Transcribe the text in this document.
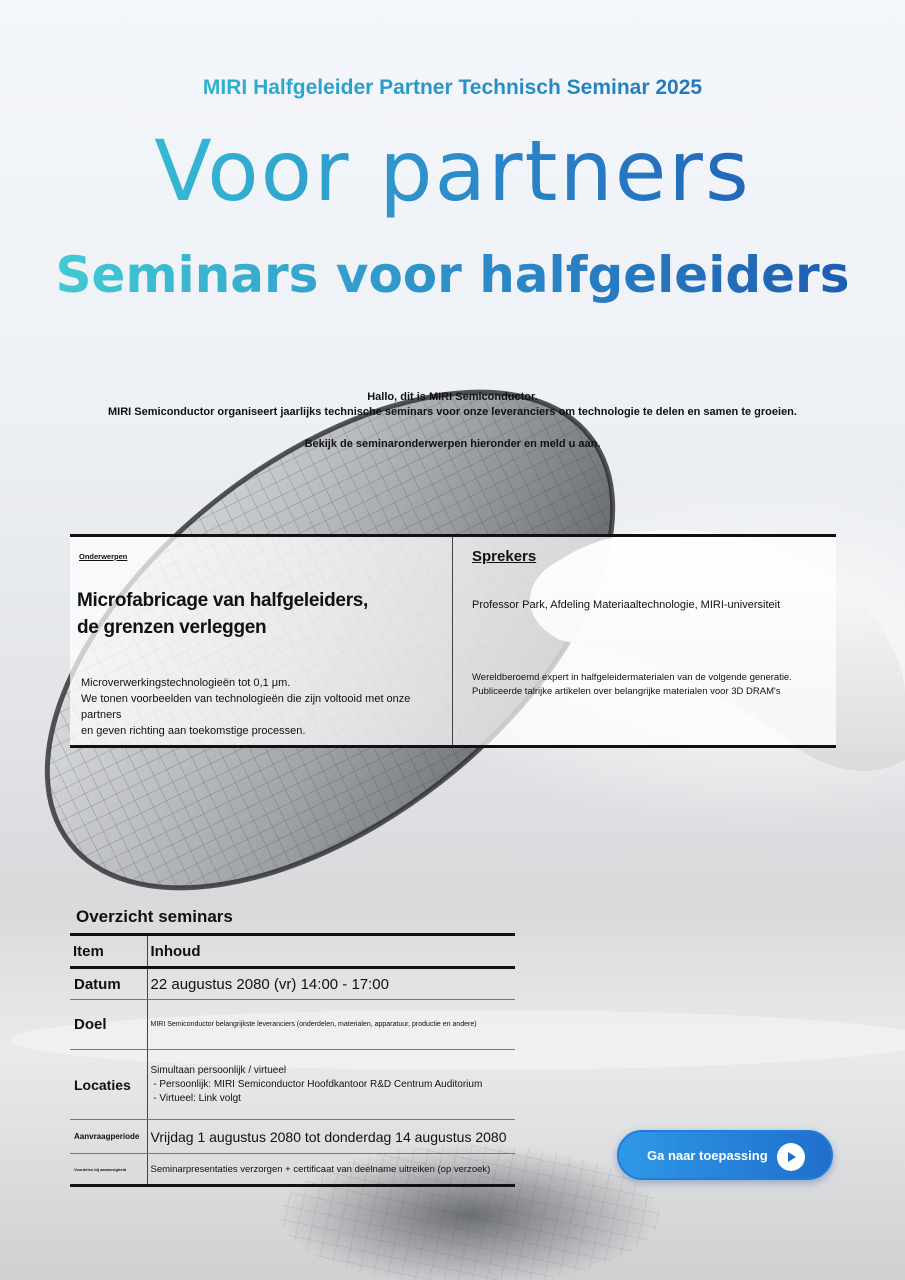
MIRI Halfgeleider Partner Technisch Seminar 2025
Voor partners
Seminars voor halfgeleiders

Hallo, dit is MIRI Semiconductor.

MIRI Semiconductor organiseert jaarlijks technische seminars voor onze leveranciers om technologie te delen en samen te groeien.

Bekijk de seminaronderwerpen hieronder en meld u aan.

Onderwerpen
Microfabricage van halfgeleiders,
de grenzen verleggen
Microverwerkingstechnologieën tot 0,1 μm.
We tonen voorbeelden van technologieën die zijn voltooid met onze partners
en geven richting aan toekomstige processen.
Sprekers
Professor Park, Afdeling Materiaaltechnologie, MIRI-universiteit
Wereldberoemd expert in halfgeleidermaterialen van de volgende generatie.
Publiceerde talrijke artikelen over belangrijke materialen voor 3D DRAM's
Overzicht seminars
Item	Inhoud
Datum	22 augustus 2080 (vr) 14:00 - 17:00
Doel	MIRI Semiconductor belangrijkste leveranciers (onderdelen, materialen, apparatuur, productie en andere)
Locaties	Simultaan persoonlijk / virtueel
- Persoonlijk: MIRI Semiconductor Hoofdkantoor R&D Centrum Auditorium
- Virtueel: Link volgt

Aanvraagperiode	Vrijdag 1 augustus 2080 tot donderdag 14 augustus 2080
Voordelen bij aanwezigheid	Seminarpresentaties verzorgen + certificaat van deelname uitreiken (op verzoek)
Ga naar toepassing
